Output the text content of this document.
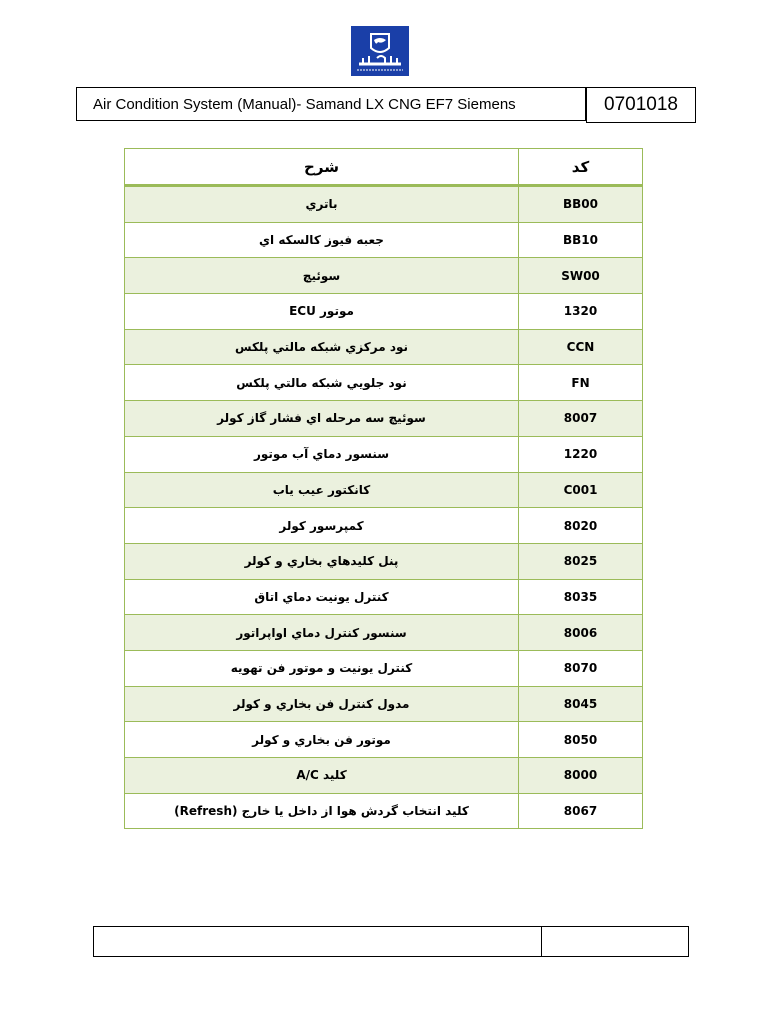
Air Condition System (Manual)- Samand LX CNG EF7 Siemens	0701018
شرح	کد
باتري	BB00
جعبه فيوز كالسكه اي	BB10
سوئيچ	SW00
موتور ECU	1320
نود مركزي شبكه مالتي پلكس	CCN
نود جلويي شبكه مالتي پلكس	FN
سوئيچ سه مرحله اي فشار گاز كولر	8007
سنسور دماي آب موتور	1220
كانكتور عيب ياب	C001
كمپرسور كولر	8020
پنل كليدهاي بخاري و كولر	8025
كنترل يونيت دماي اتاق	8035
سنسور كنترل دماي اواپراتور	8006
كنترل يونيت و موتور فن تهويه	8070
مدول كنترل فن بخاري و كولر	8045
موتور فن بخاري و كولر	8050
كليد A/C	8000
كليد انتخاب گردش هوا از داخل يا خارج (Refresh)	8067
